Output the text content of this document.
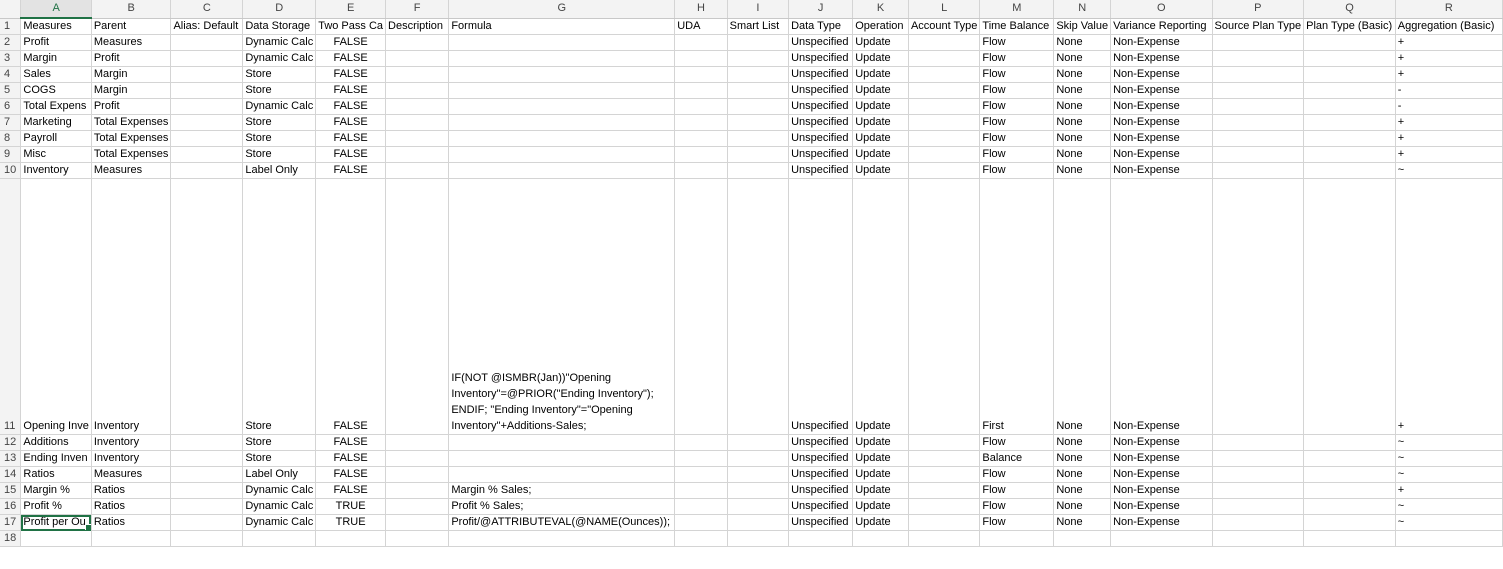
	A	B	C	D	E	F	G	H	I	J	K	L	M	N	O	P	Q	R
1	Measures	Parent	Alias: Default	Data Storage	Two Pass Ca	Description	Formula	UDA	Smart List	Data Type	Operation	Account Type	Time Balance	Skip Value	Variance Reporting	Source Plan Type	Plan Type (Basic)	Aggregation (Basic)
2	Profit	Measures		Dynamic Calc	FALSE					Unspecified	Update		Flow	None	Non-Expense			+
3	Margin	Profit		Dynamic Calc	FALSE					Unspecified	Update		Flow	None	Non-Expense			+
4	Sales	Margin		Store	FALSE					Unspecified	Update		Flow	None	Non-Expense			+
5	COGS	Margin		Store	FALSE					Unspecified	Update		Flow	None	Non-Expense			-
6	Total Expens	Profit		Dynamic Calc	FALSE					Unspecified	Update		Flow	None	Non-Expense			-
7	Marketing	Total Expenses		Store	FALSE					Unspecified	Update		Flow	None	Non-Expense			+
8	Payroll	Total Expenses		Store	FALSE					Unspecified	Update		Flow	None	Non-Expense			+
9	Misc	Total Expenses		Store	FALSE					Unspecified	Update		Flow	None	Non-Expense			+
10	Inventory	Measures		Label Only	FALSE					Unspecified	Update		Flow	None	Non-Expense			~
11	Opening Inve	Inventory		Store	FALSE		IF(NOT @ISMBR(Jan))"Opening Inventory"=@PRIOR("Ending Inventory"); ENDIF; "Ending Inventory"="Opening Inventory"+Additions-Sales;			Unspecified	Update		First	None	Non-Expense			+
12	Additions	Inventory		Store	FALSE					Unspecified	Update		Flow	None	Non-Expense			~
13	Ending Inven	Inventory		Store	FALSE					Unspecified	Update		Balance	None	Non-Expense			~
14	Ratios	Measures		Label Only	FALSE					Unspecified	Update		Flow	None	Non-Expense			~
15	Margin %	Ratios		Dynamic Calc	FALSE		Margin % Sales;			Unspecified	Update		Flow	None	Non-Expense			+
16	Profit %	Ratios		Dynamic Calc	TRUE		Profit % Sales;			Unspecified	Update		Flow	None	Non-Expense			~
17	Profit per Ou	Ratios		Dynamic Calc	TRUE		Profit/@ATTRIBUTEVAL(@NAME(Ounces));			Unspecified	Update		Flow	None	Non-Expense			~
18																		
